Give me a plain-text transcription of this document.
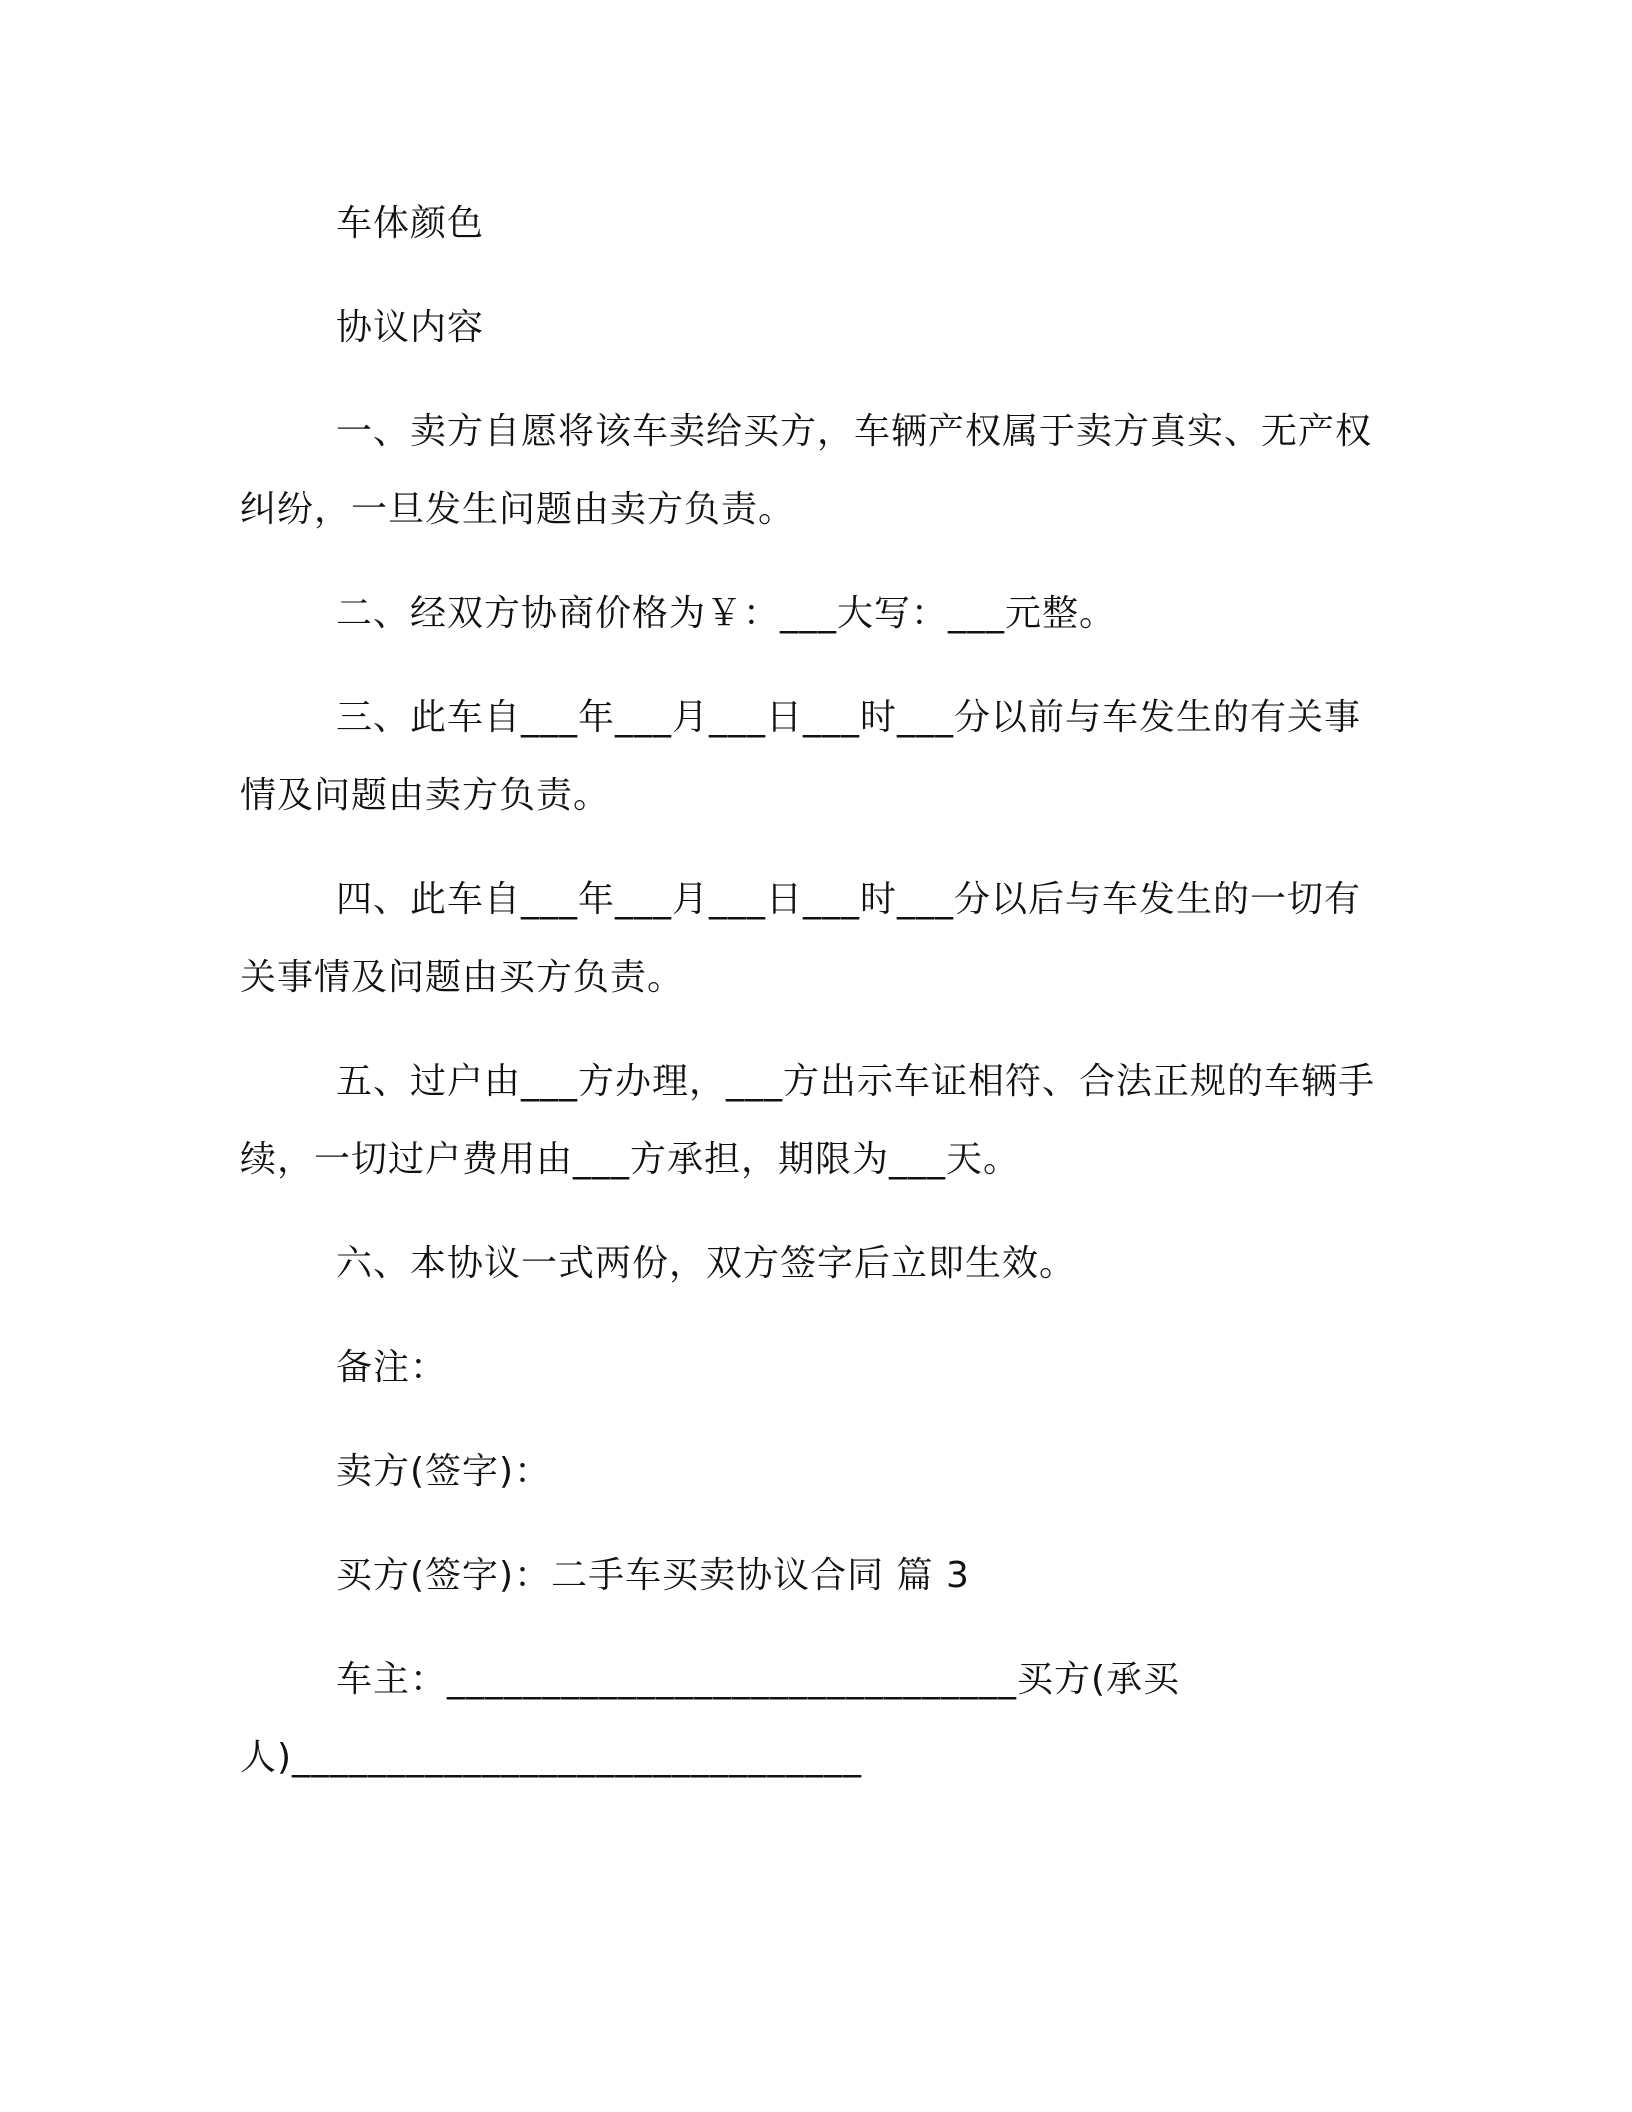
车体颜色

协议内容

一、卖方自愿将该车卖给买方，车辆产权属于卖方真实、无产权纠纷，一旦发生问题由卖方负责。

二、经双方协商价格为￥：___大写：___元整。

三、此车自___年___月___日___时___分以前与车发生的有关事情及问题由卖方负责。

四、此车自___年___月___日___时___分以后与车发生的一切有关事情及问题由买方负责。

五、过户由___方办理，___方出示车证相符、合法正规的车辆手续，一切过户费用由___方承担，期限为___天。

六、本协议一式两份，双方签字后立即生效。

备注：

卖方(签字)：

买方(签字)：二手车买卖协议合同 篇 3

车主：______________________________买方(承买人)______________________________
